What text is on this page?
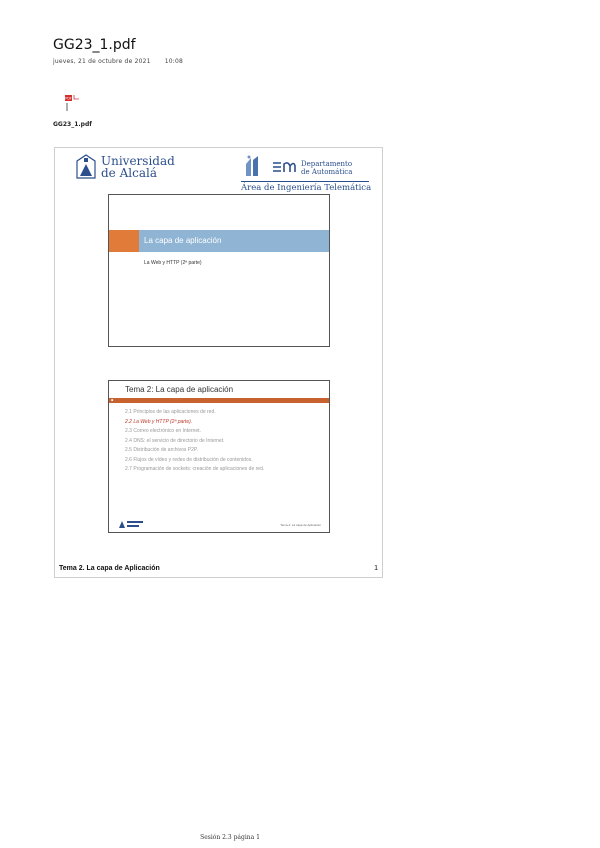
GG23_1.pdf
jueves, 21 de octubre de 2021 10:08
PDF
GG23_1.pdf
Universidad
de Alcalá
Departamento
de Automática
Área de Ingeniería Telemática
La capa de aplicación
La Web y HTTP (2ª parte)
Tema 2: La capa de aplicación
▪
2.1 Principios de las aplicaciones de red.
2.2 La Web y HTTP (2ª parte).
2.3 Correo electrónico en Internet.
2.4 DNS: el servicio de directorio de Internet.
2.5 Distribución de archivos P2P.
2.6 Flujos de vídeo y redes de distribución de contenidos.
2.7 Programación de sockets: creación de aplicaciones de red.
Tema 2: La capa de Aplicación
Tema 2. La capa de Aplicación	1
Sesión 2.3 página 1
